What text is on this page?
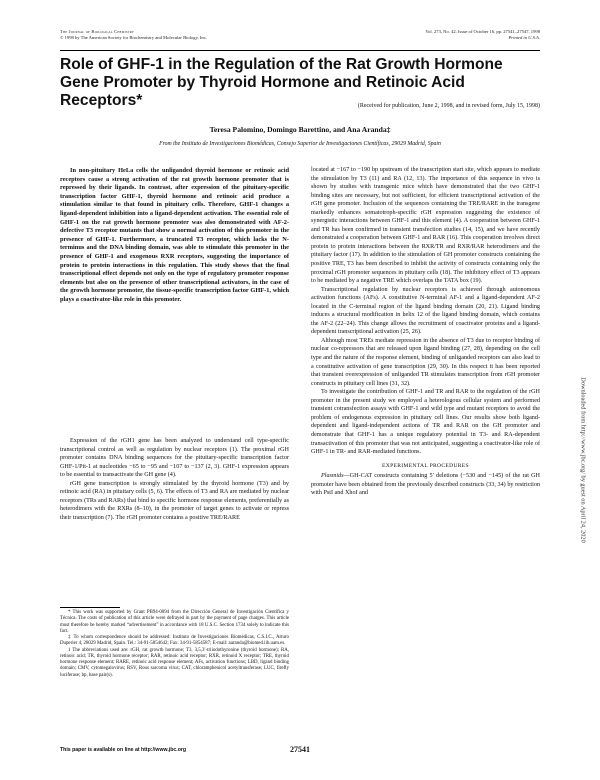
The Journal of Biological Chemistry
© 1998 by The American Society for Biochemistry and Molecular Biology, Inc.
Vol. 273, No. 42, Issue of October 16, pp. 27541–27547, 1998
Printed in U.S.A.
Role of GHF-1 in the Regulation of the Rat Growth Hormone Gene Promoter by Thyroid Hormone and Retinoic Acid Receptors*	(Received for publication, June 2, 1998, and in revised form, July 15, 1998)
Teresa Palomino, Domingo Barettino, and Ana Aranda‡
From the Instituto de Investigaciones Biomédicas, Consejo Superior de Investigaciones Científicas, 29029 Madrid, Spain

In non-pituitary HeLa cells the unliganded thyroid hormone or retinoic acid receptors cause a strong activation of the rat growth hormone promoter that is repressed by their ligands. In contrast, after expression of the pituitary-specific transcription factor GHF-1, thyroid hormone and retinoic acid produce a stimulation similar to that found in pituitary cells. Therefore, GHF-1 changes a ligand-dependent inhibition into a ligand-dependent activation. The essential role of GHF-1 on the rat growth hormone promoter was also demonstrated with AF-2-defective T3 receptor mutants that show a normal activation of this promoter in the presence of GHF-1. Furthermore, a truncated T3 receptor, which lacks the N-terminus and the DNA binding domain, was able to stimulate this promoter in the presence of GHF-1 and exogenous RXR receptors, suggesting the importance of protein to protein interactions in this regulation. This study shows that the final transcriptional effect depends not only on the type of regulatory promoter response elements but also on the presence of other transcriptional activators, in the case of the growth hormone promoter, the tissue-specific transcription factor GHF-1, which plays a coactivator-like role in this promoter.

Expression of the rGH1 gene has been analyzed to understand cell type-specific transcriptional control as well as regulation by nuclear receptors (1). The proximal rGH promoter contains DNA binding sequences for the pituitary-specific transcription factor GHF-1/Pit-1 at nucleotides −65 to −95 and −107 to −137 (2, 3). GHF-1 expression appears to be essential to transactivate the GH gene (4).

rGH gene transcription is strongly stimulated by the thyroid hormone (T3) and by retinoic acid (RA) in pituitary cells (5, 6). The effects of T3 and RA are mediated by nuclear receptors (TRs and RARs) that bind to specific hormone response elements, preferentially as heterodimers with the RXRs (8–10), in the promoter of target genes to activate or repress their transcription (7). The rGH promoter contains a positive TRE/RARE

located at −167 to −190 bp upstream of the transcription start site, which appears to mediate the stimulation by T3 (11) and RA (12, 13). The importance of this sequence in vivo is shown by studies with transgenic mice which have demonstrated that the two GHF-1 binding sites are necessary, but not sufficient, for efficient transcriptional activation of the rGH gene promoter. Inclusion of the sequences containing the TRE/RARE in the transgene markedly enhances somatotroph-specific rGH expression suggesting the existence of synergistic interactions between GHF-1 and this element (4). A cooperation between GHF-1 and TR has been confirmed in transient transfection studies (14, 15), and we have recently demonstrated a cooperation between GHF-1 and RAR (16). This cooperation involves direct protein to protein interactions between the RXR/TR and RXR/RAR heterodimers and the pituitary factor (17). In addition to the stimulation of GH promoter constructs containing the positive TRE, T3 has been described to inhibit the activity of constructs containing only the proximal rGH promoter sequences in pituitary cells (18). The inhibitory effect of T3 appears to be mediated by a negative TRE which overlaps the TATA box (19).

Transcriptional regulation by nuclear receptors is achieved through autonomous activation functions (AFs). A constitutive N-terminal AF-1 and a ligand-dependent AF-2 located in the C-terminal region of the ligand binding domain (20, 21). Ligand binding induces a structural modification in helix 12 of the ligand binding domain, which contains the AF-2 (22–24). This change allows the recruitment of coactivator proteins and a ligand-dependent transcriptional activation (25, 26).

Although most TREs mediate repression in the absence of T3 due to receptor binding of nuclear co-repressors that are released upon ligand binding (27, 28), depending on the cell type and the nature of the response element, binding of unliganded receptors can also lead to a constitutive activation of gene transcription (29, 30). In this respect it has been reported that transient overexpression of unliganded TR stimulates transcription from rGH promoter constructs in pituitary cell lines (31, 32).

To investigate the contribution of GHF-1 and TR and RAR to the regulation of the rGH promoter in the present study we employed a heterologous cellular system and performed transient cotransfection assays with GHF-1 and wild type and mutant receptors to avoid the problem of endogenous expression in pituitary cell lines. Our results show both ligand-dependent and ligand-independent actions of TR and RAR on the GH promoter and demonstrate that GHF-1 has a unique regulatory potential in T3- and RA-dependent transactivation of this promoter that was not anticipated, suggesting a coactivator-like role of GHF-1 in TR- and RAR-mediated functions.

EXPERIMENTAL PROCEDURES

Plasmids—GH-CAT constructs containing 5′ deletions (−530 and −145) of the rat GH promoter have been obtained from the previously described constructs (33, 34) by restriction with PstI and XhoI and

* This work was supported by Grant PB94-0094 from the Dirección General de Investigación Científica y Técnica. The costs of publication of this article were defrayed in part by the payment of page charges. This article must therefore be hereby marked “advertisement” in accordance with 18 U.S.C. Section 1734 solely to indicate this fact.

‡ To whom correspondence should be addressed: Instituto de Investigaciones Biomédicas, C.S.I.C., Arturo Duperier 4, 28029 Madrid, Spain. Tel.: 34-91-5854642; Fax: 34-91-5854587; E-mail: aaranda@biomed.iib.uam.es.

1 The abbreviations used are: rGH, rat growth hormone; T3, 3,5,3′-triiodothyronine (thyroid hormone); RA, retinoic acid; TR, thyroid hormone receptor; RAR, retinoic acid receptor; RXR, retinoid X receptor; TRE, thyroid hormone response element; RARE, retinoic acid response element; AFs, activation functions; LBD, ligand binding domain; CMV, cytomegalovirus; RSV, Rous sarcoma virus; CAT, chloramphenicol acetyltransferase; LUC, firefly luciferase; bp, base pair(s).

This paper is available on line at http://www.jbc.org	27541
Downloaded from http://www.jbc.org/ by guest on April 24, 2020
